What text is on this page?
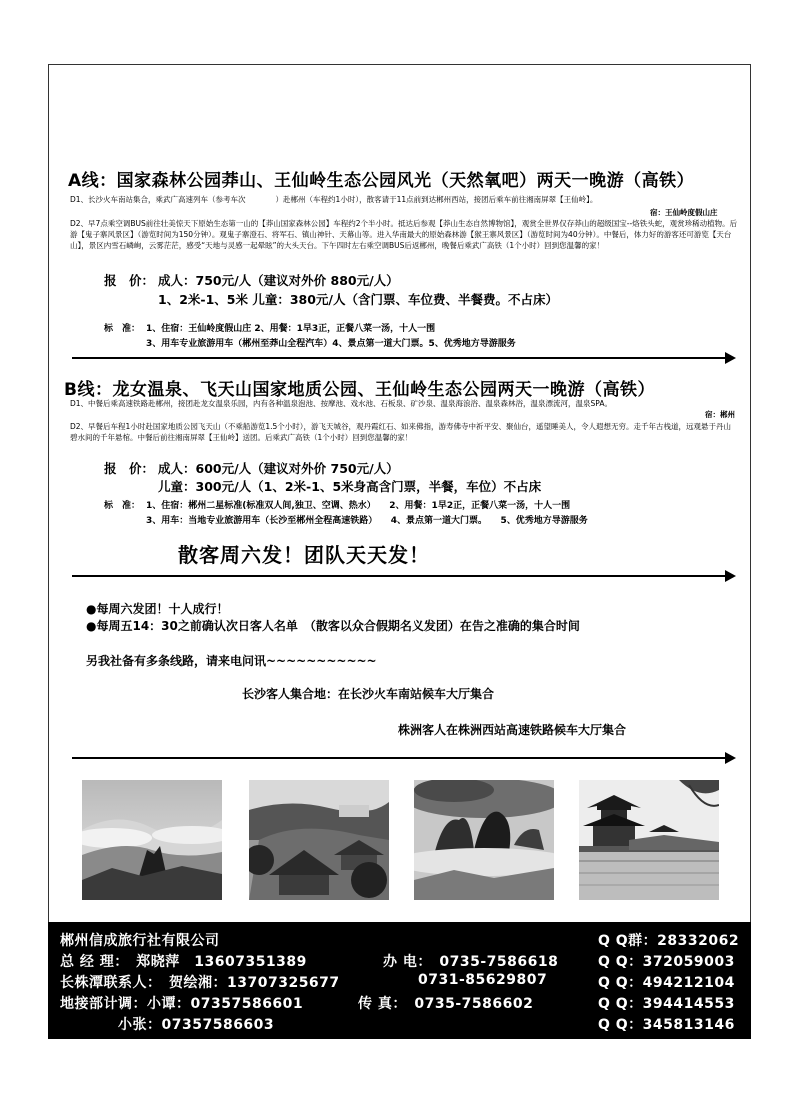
A线：国家森林公园莽山、王仙岭生态公园风光（天然氧吧）两天一晚游（高铁）
D1、长沙火车南站集合，乘武广高速列车（参考车次　　　　）赴郴州（车程约1小时），散客请于11点前到达郴州西站，接团后乘车前往湘南屏翠【王仙岭】。
宿：王仙岭度假山庄
D2、早7点乘空调BUS前往壮美惊天下原始生态第一山的【莽山国家森林公园】车程约2个半小时。抵达后参观【莽山生态自然博物馆】，观赏全世界仅存莽山的超级国宝--烙铁头蛇，观赏珍稀动植物。后游【鬼子寨风景区】（游览时间为150分钟）。观鬼子寨澄石、将军石、镇山神针、天幕山等。进入华南最大的原始森林游【猴王寨风景区】（游览时间为40分钟）。中餐后，体力好的游客还可游览【天台山】，景区内雪石嶙峋，云雾茫茫，感受“天地与灵感一起晕眩”的大头天台。下午四时左右乘空调BUS后返郴州，晚餐后乘武广高铁（1个小时）回到您温馨的家！
报　价： 成人：750元/人（建议对外价 880元/人）
1、2米-1、5米 儿童：380元/人（含门票、车位费、半餐费。不占床）
标　准： 1、住宿：王仙岭度假山庄 2、用餐：1早3正，正餐八菜一汤，十人一围
3、用车专业旅游用车（郴州至莽山全程汽车）4、景点第一道大门票。5、优秀地方导游服务
B线：龙女温泉、飞天山国家地质公园、王仙岭生态公园两天一晚游（高铁）
D1、中餐后乘高速铁路赴郴州，接团赴龙女温泉乐园，内有各种温泉泡池、按摩池、戏水池、石板泉、矿沙泉、温泉海浪浴、温泉森林浴，温泉漂流河，温泉SPA。
宿：郴州
D2、早餐后车程1小时赴国家地质公园飞天山（不乘船游览1.5个小时），游飞天城谷，观丹霞红石、如来佛指，游寿佛寺中祈平安、聚仙台，遥望睡美人，令人遐想无穷。走千年古栈道，远观悬于丹山碧水间的千年悬棺。中餐后前往湘南屏翠【王仙岭】送团。后乘武广高铁（1个小时）回到您温馨的家！
报　价： 成人：600元/人（建议对外价 750元/人）
儿童：300元/人（1、2米-1、5米身高含门票，半餐，车位）不占床
标　准： 1、住宿：郴州二星标准(标准双人间,独卫、空调、热水）　　2、用餐：1早2正，正餐八菜一汤，十人一围
3、用车：当地专业旅游用车（长沙至郴州全程高速铁路）　　4、景点第一道大门票。　　5、优秀地方导游服务
散客周六发！团队天天发！
●每周六发团！十人成行！
●每周五14：30之前确认次日客人名单　（散客以众合假期名义发团）在告之准确的集合时间
另我社备有多条线路，请来电问讯~~~~~~~~~~~
长沙客人集合地：在长沙火车南站候车大厅集合
株洲客人在株洲西站高速铁路候车大厅集合
郴州信成旅行社有限公司	Q Q群：28332062
总 经 理：　郑晓萍　13607351389	办 电：　0735-7586618	Q Q：372059003
长株潭联系人：　贺绘湘：13707325677	0731-85629807	Q Q：494212104
地接部计调：小谭：07357586601	传 真：　0735-7586602	Q Q：394414553
小张：07357586603	Q Q：345813146
